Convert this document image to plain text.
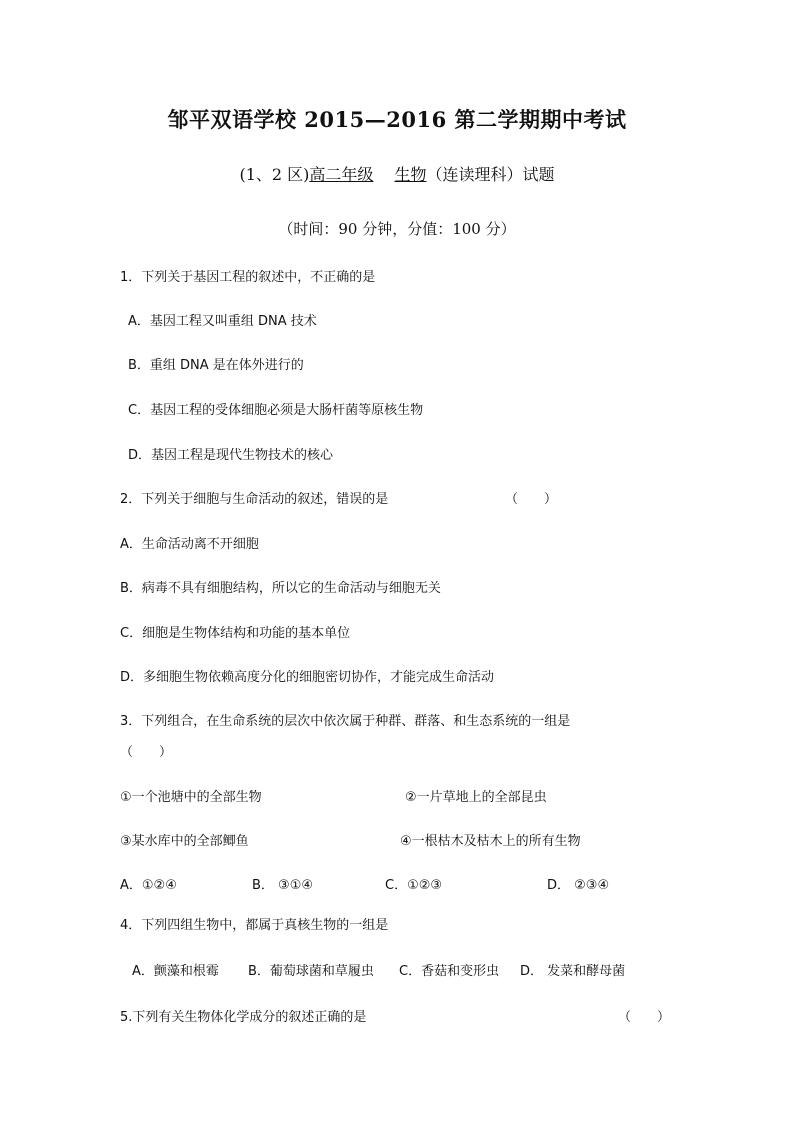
邹平双语学校 2015—2016 第二学期期中考试
(1、2 区)高二年级　 生物（连读理科）试题
（时间：90 分钟，分值：100 分）
1．下列关于基因工程的叙述中，不正确的是
A．基因工程又叫重组 DNA 技术
B．重组 DNA 是在体外进行的
C．基因工程的受体细胞必须是大肠杆菌等原核生物
D．基因工程是现代生物技术的核心
2．下列关于细胞与生命活动的叙述，错误的是	（　　）
A．生命活动离不开细胞
B．病毒不具有细胞结构，所以它的生命活动与细胞无关
C．细胞是生物体结构和功能的基本单位
D．多细胞生物依赖高度分化的细胞密切协作，才能完成生命活动
3．下列组合，在生命系统的层次中依次属于种群、群落、和生态系统的一组是
（　　）
①一个池塘中的全部生物	②一片草地上的全部昆虫
③某水库中的全部鲫鱼	④一根枯木及枯木上的所有生物
A．①②④	B． ③①④	C．①②③	D． ②③④
4．下列四组生物中，都属于真核生物的一组是
A．颤藻和根霉 B．葡萄球菌和草履虫 C．香菇和变形虫 D． 发菜和酵母菌
5.下列有关生物体化学成分的叙述正确的是	（　　）
